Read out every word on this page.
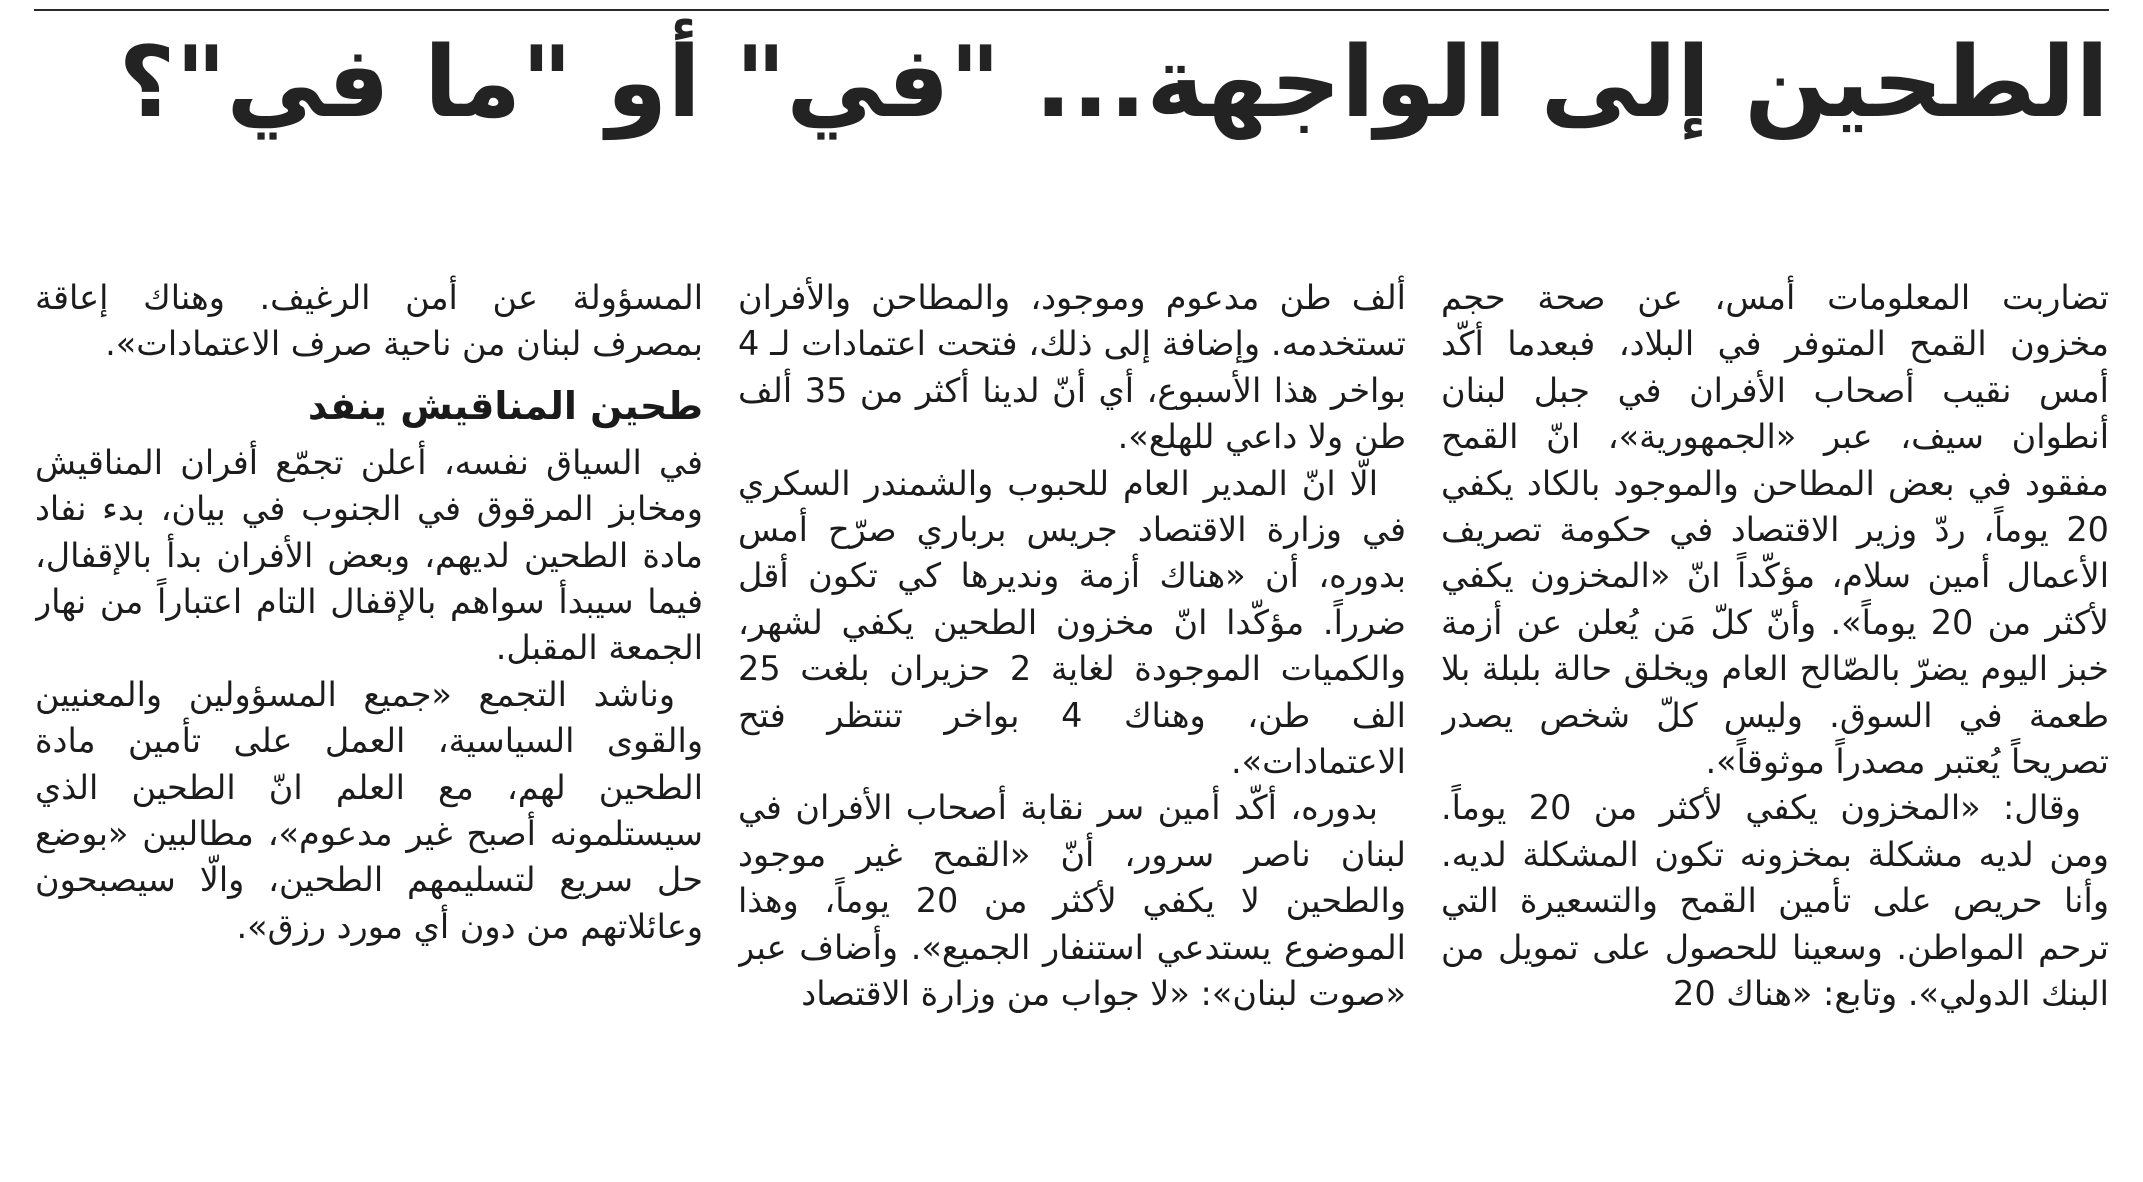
الطحين إلى الواجهة... "في" أو "ما في"؟

تضاربت المعلومات أمس، عن صحة حجم مخزون القمح المتوفر في البلاد، فبعدما أكّد أمس نقيب أصحاب الأفران في جبل لبنان أنطوان سيف، عبر «الجمهورية»، انّ القمح مفقود في بعض المطاحن والموجود بالكاد يكفي 20 يوماً، ردّ وزير الاقتصاد في حكومة تصريف الأعمال أمين سلام، مؤكّداً انّ «المخزون يكفي لأكثر من 20 يوماً». وأنّ كلّ مَن يُعلن عن أزمة خبز اليوم يضرّ بالصّالح العام ويخلق حالة بلبلة بلا طعمة في السوق. وليس كلّ شخص يصدر تصريحاً يُعتبر مصدراً موثوقاً».

وقال: «المخزون يكفي لأكثر من 20 يوماً. ومن لديه مشكلة بمخزونه تكون المشكلة لديه. وأنا حريص على تأمين القمح والتسعيرة التي ترحم المواطن. وسعينا للحصول على تمويل من البنك الدولي». وتابع: «هناك 20

ألف طن مدعوم وموجود، والمطاحن والأفران تستخدمه. وإضافة إلى ذلك، فتحت اعتمادات لـ 4 بواخر هذا الأسبوع، أي أنّ لدينا أكثر من 35 ألف طن ولا داعي للهلع».

الّا انّ المدير العام للحبوب والشمندر السكري في وزارة الاقتصاد جريس برباري صرّح أمس بدوره، أن «هناك أزمة ونديرها كي تكون أقل ضرراً. مؤكّدا انّ مخزون الطحين يكفي لشهر، والكميات الموجودة لغاية 2 حزيران بلغت 25 الف طن، وهناك 4 بواخر تنتظر فتح الاعتمادات».

بدوره، أكّد أمين سر نقابة أصحاب الأفران في لبنان ناصر سرور، أنّ «القمح غير موجود والطحين لا يكفي لأكثر من 20 يوماً، وهذا الموضوع يستدعي استنفار الجميع». وأضاف عبر «صوت لبنان»: «لا جواب من وزارة الاقتصاد

المسؤولة عن أمن الرغيف. وهناك إعاقة بمصرف لبنان من ناحية صرف الاعتمادات».

طحين المناقيش ينفد

في السياق نفسه، أعلن تجمّع أفران المناقيش ومخابز المرقوق في الجنوب في بيان، بدء نفاد مادة الطحين لديهم، وبعض الأفران بدأ بالإقفال، فيما سيبدأ سواهم بالإقفال التام اعتباراً من نهار الجمعة المقبل.

وناشد التجمع «جميع المسؤولين والمعنيين والقوى السياسية، العمل على تأمين مادة الطحين لهم، مع العلم انّ الطحين الذي سيستلمونه أصبح غير مدعوم»، مطالبين «بوضع حل سريع لتسليمهم الطحين، والّا سيصبحون وعائلاتهم من دون أي مورد رزق».
